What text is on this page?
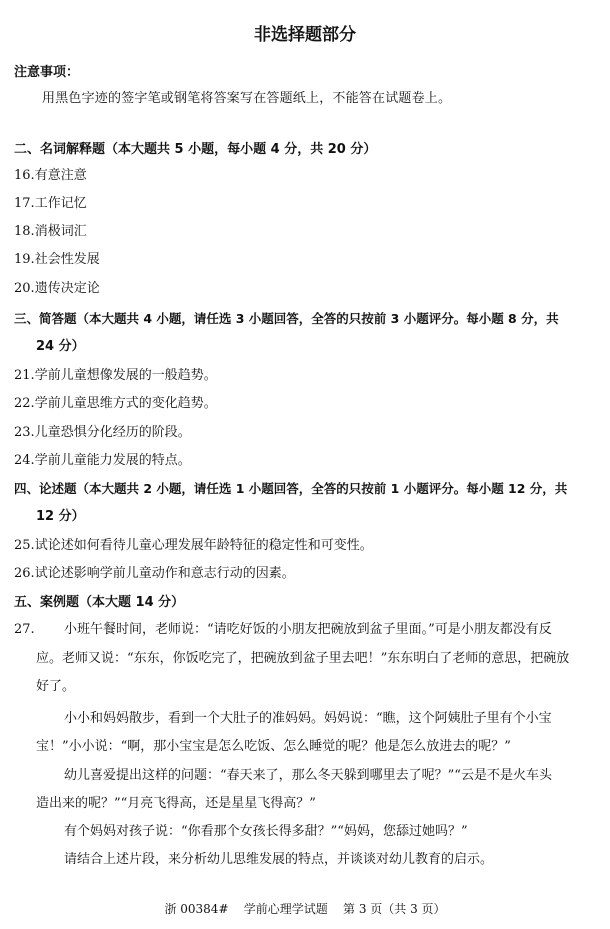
非选择题部分
注意事项：
用黑色字迹的签字笔或钢笔将答案写在答题纸上，不能答在试题卷上。
二、名词解释题（本大题共 5 小题，每小题 4 分，共 20 分）
16.有意注意
17.工作记忆
18.消极词汇
19.社会性发展
20.遗传决定论
三、简答题（本大题共 4 小题，请任选 3 小题回答，全答的只按前 3 小题评分。每小题 8 分，共
24 分）
21.学前儿童想像发展的一般趋势。
22.学前儿童思维方式的变化趋势。
23.儿童恐惧分化经历的阶段。
24.学前儿童能力发展的特点。
四、论述题（本大题共 2 小题，请任选 1 小题回答，全答的只按前 1 小题评分。每小题 12 分，共
12 分）
25.试论述如何看待儿童心理发展年龄特征的稳定性和可变性。
26.试论述影响学前儿童动作和意志行动的因素。
五、案例题（本大题 14 分）
27. 小班午餐时间，老师说：“请吃好饭的小朋友把碗放到盆子里面。”可是小朋友都没有反
应。老师又说：“东东，你饭吃完了，把碗放到盆子里去吧！”东东明白了老师的意思，把碗放
好了。
小小和妈妈散步，看到一个大肚子的准妈妈。妈妈说：“瞧，这个阿姨肚子里有个小宝
宝！”小小说：“啊，那小宝宝是怎么吃饭、怎么睡觉的呢？他是怎么放进去的呢？”
幼儿喜爱提出这样的问题：“春天来了，那么冬天躲到哪里去了呢？”“云是不是火车头
造出来的呢？”“月亮飞得高，还是星星飞得高？”
有个妈妈对孩子说：“你看那个女孩长得多甜？”“妈妈，您舔过她吗？”
请结合上述片段，来分析幼儿思维发展的特点，并谈谈对幼儿教育的启示。
浙 00384#    学前心理学试题    第 3 页（共 3 页）
